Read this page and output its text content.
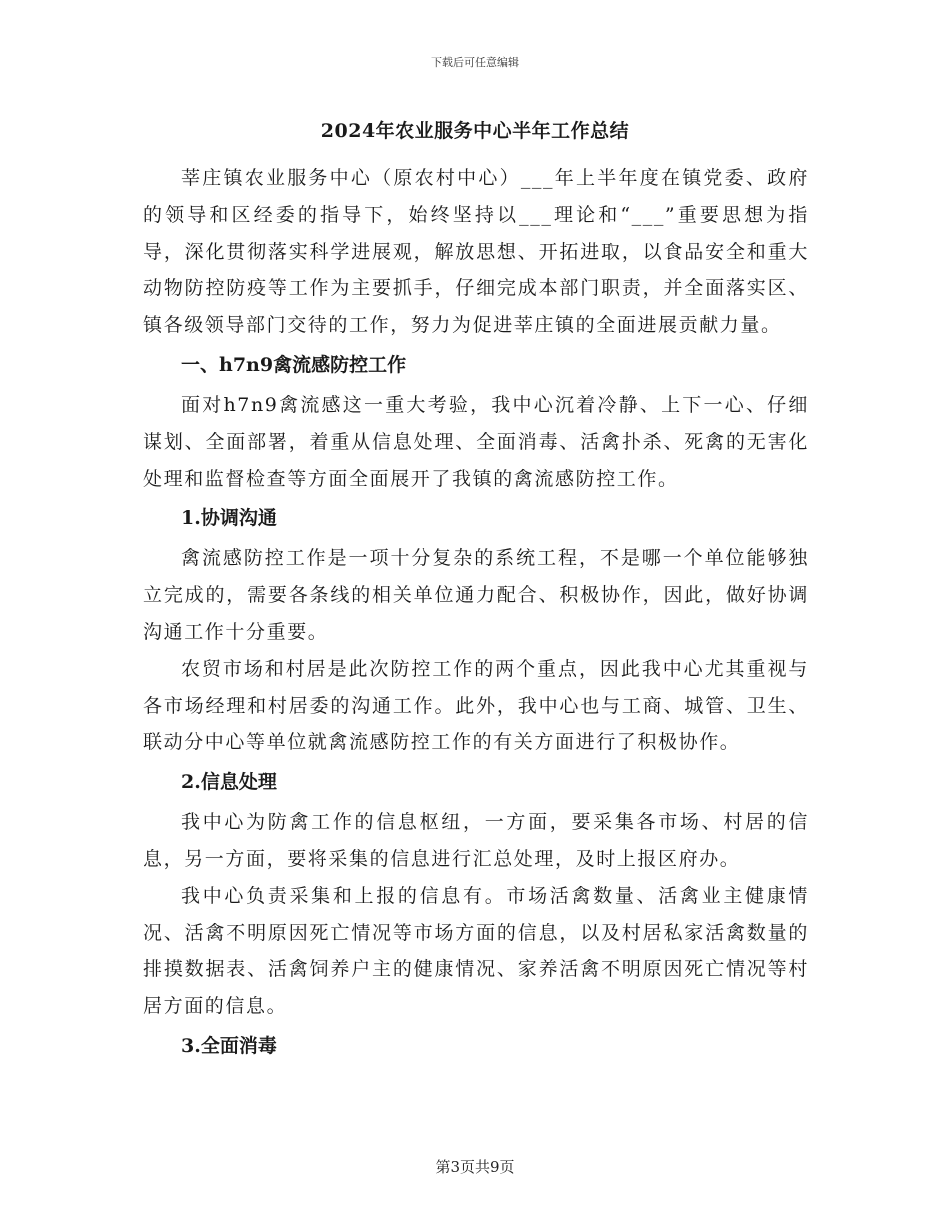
下载后可任意编辑
2024年农业服务中心半年工作总结

莘庄镇农业服务中心（原农村中心）___年上半年度在镇党委、政府的领导和区经委的指导下，始终坚持以___理论和“___”重要思想为指导，深化贯彻落实科学进展观，解放思想、开拓进取，以食品安全和重大动物防控防疫等工作为主要抓手，仔细完成本部门职责，并全面落实区、镇各级领导部门交待的工作，努力为促进莘庄镇的全面进展贡献力量。

一、h7n9禽流感防控工作

面对h7n9禽流感这一重大考验，我中心沉着冷静、上下一心、仔细谋划、全面部署，着重从信息处理、全面消毒、活禽扑杀、死禽的无害化处理和监督检查等方面全面展开了我镇的禽流感防控工作。

1.协调沟通

禽流感防控工作是一项十分复杂的系统工程，不是哪一个单位能够独立完成的，需要各条线的相关单位通力配合、积极协作，因此，做好协调沟通工作十分重要。

农贸市场和村居是此次防控工作的两个重点，因此我中心尤其重视与各市场经理和村居委的沟通工作。此外，我中心也与工商、城管、卫生、联动分中心等单位就禽流感防控工作的有关方面进行了积极协作。

2.信息处理

我中心为防禽工作的信息枢纽，一方面，要采集各市场、村居的信息，另一方面，要将采集的信息进行汇总处理，及时上报区府办。

我中心负责采集和上报的信息有。市场活禽数量、活禽业主健康情况、活禽不明原因死亡情况等市场方面的信息，以及村居私家活禽数量的排摸数据表、活禽饲养户主的健康情况、家养活禽不明原因死亡情况等村居方面的信息。

3.全面消毒
第3页共9页
